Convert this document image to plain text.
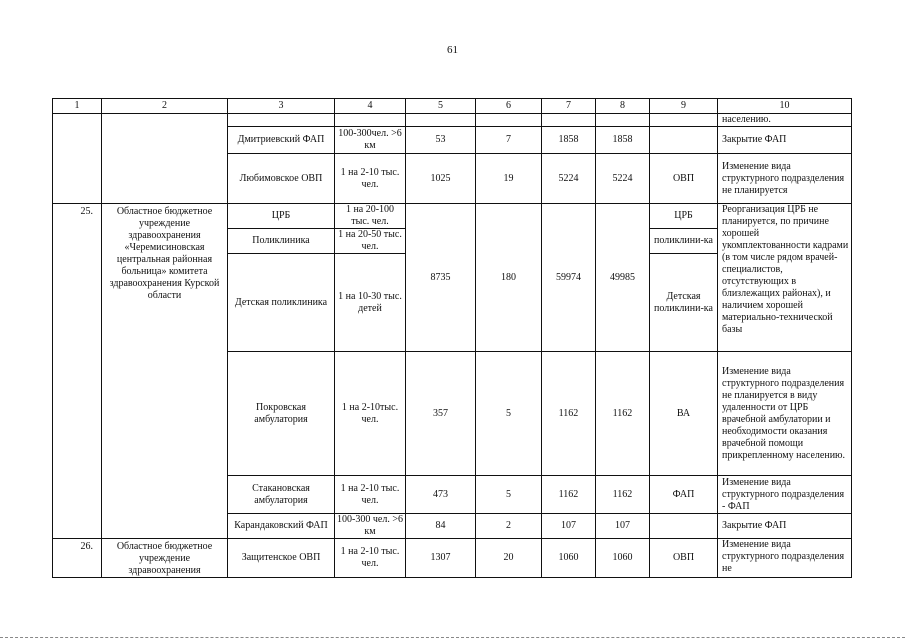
61
1	2	3	4	5	6	7	8	9	10
									населению.
		Дмитриевский ФАП	100-300чел. >6 км	53	7	1858	1858		Закрытие ФАП
		Любимовское ОВП	1 на 2-10 тыс. чел.	1025	19	5224	5224	ОВП	Изменение вида структурного подразделения не планируется
25.	Областное бюджетное учреждение здравоохранения «Черемисиновская центральная районная больница» комитета здравоохранения Курской области	ЦРБ	1 на 20-100 тыс. чел.	8735	180	59974	49985	ЦРБ	Реорганизация ЦРБ не планируется, по причине хорошей укомплектованности кадрами (в том числе рядом врачей-специалистов, отсутствующих в близлежащих районах), и наличием хорошей материально-технической базы
		Поликлиника	1 на 20-50 тыс. чел.					поликлини-ка	
		Детская поликлиника	1 на 10-30 тыс. детей					Детская поликлини-ка	
		Покровская амбулатория	1 на 2-10тыс. чел.	357	5	1162	1162	ВА	Изменение вида структурного подразделения не планируется в виду удаленности от ЦРБ врачебной амбулатории и необходимости оказания врачебной помощи прикрепленному населению.
		Стакановская амбулатория	1 на 2-10 тыс. чел.	473	5	1162	1162	ФАП	Изменение вида структурного подразделения - ФАП
		Карандаковский ФАП	100-300 чел. >6 км	84	2	107	107		Закрытие ФАП
26.	Областное бюджетное учреждение здравоохранения	Защитенское ОВП	1 на 2-10 тыс. чел.	1307	20	1060	1060	ОВП	Изменение вида структурного подразделения не
